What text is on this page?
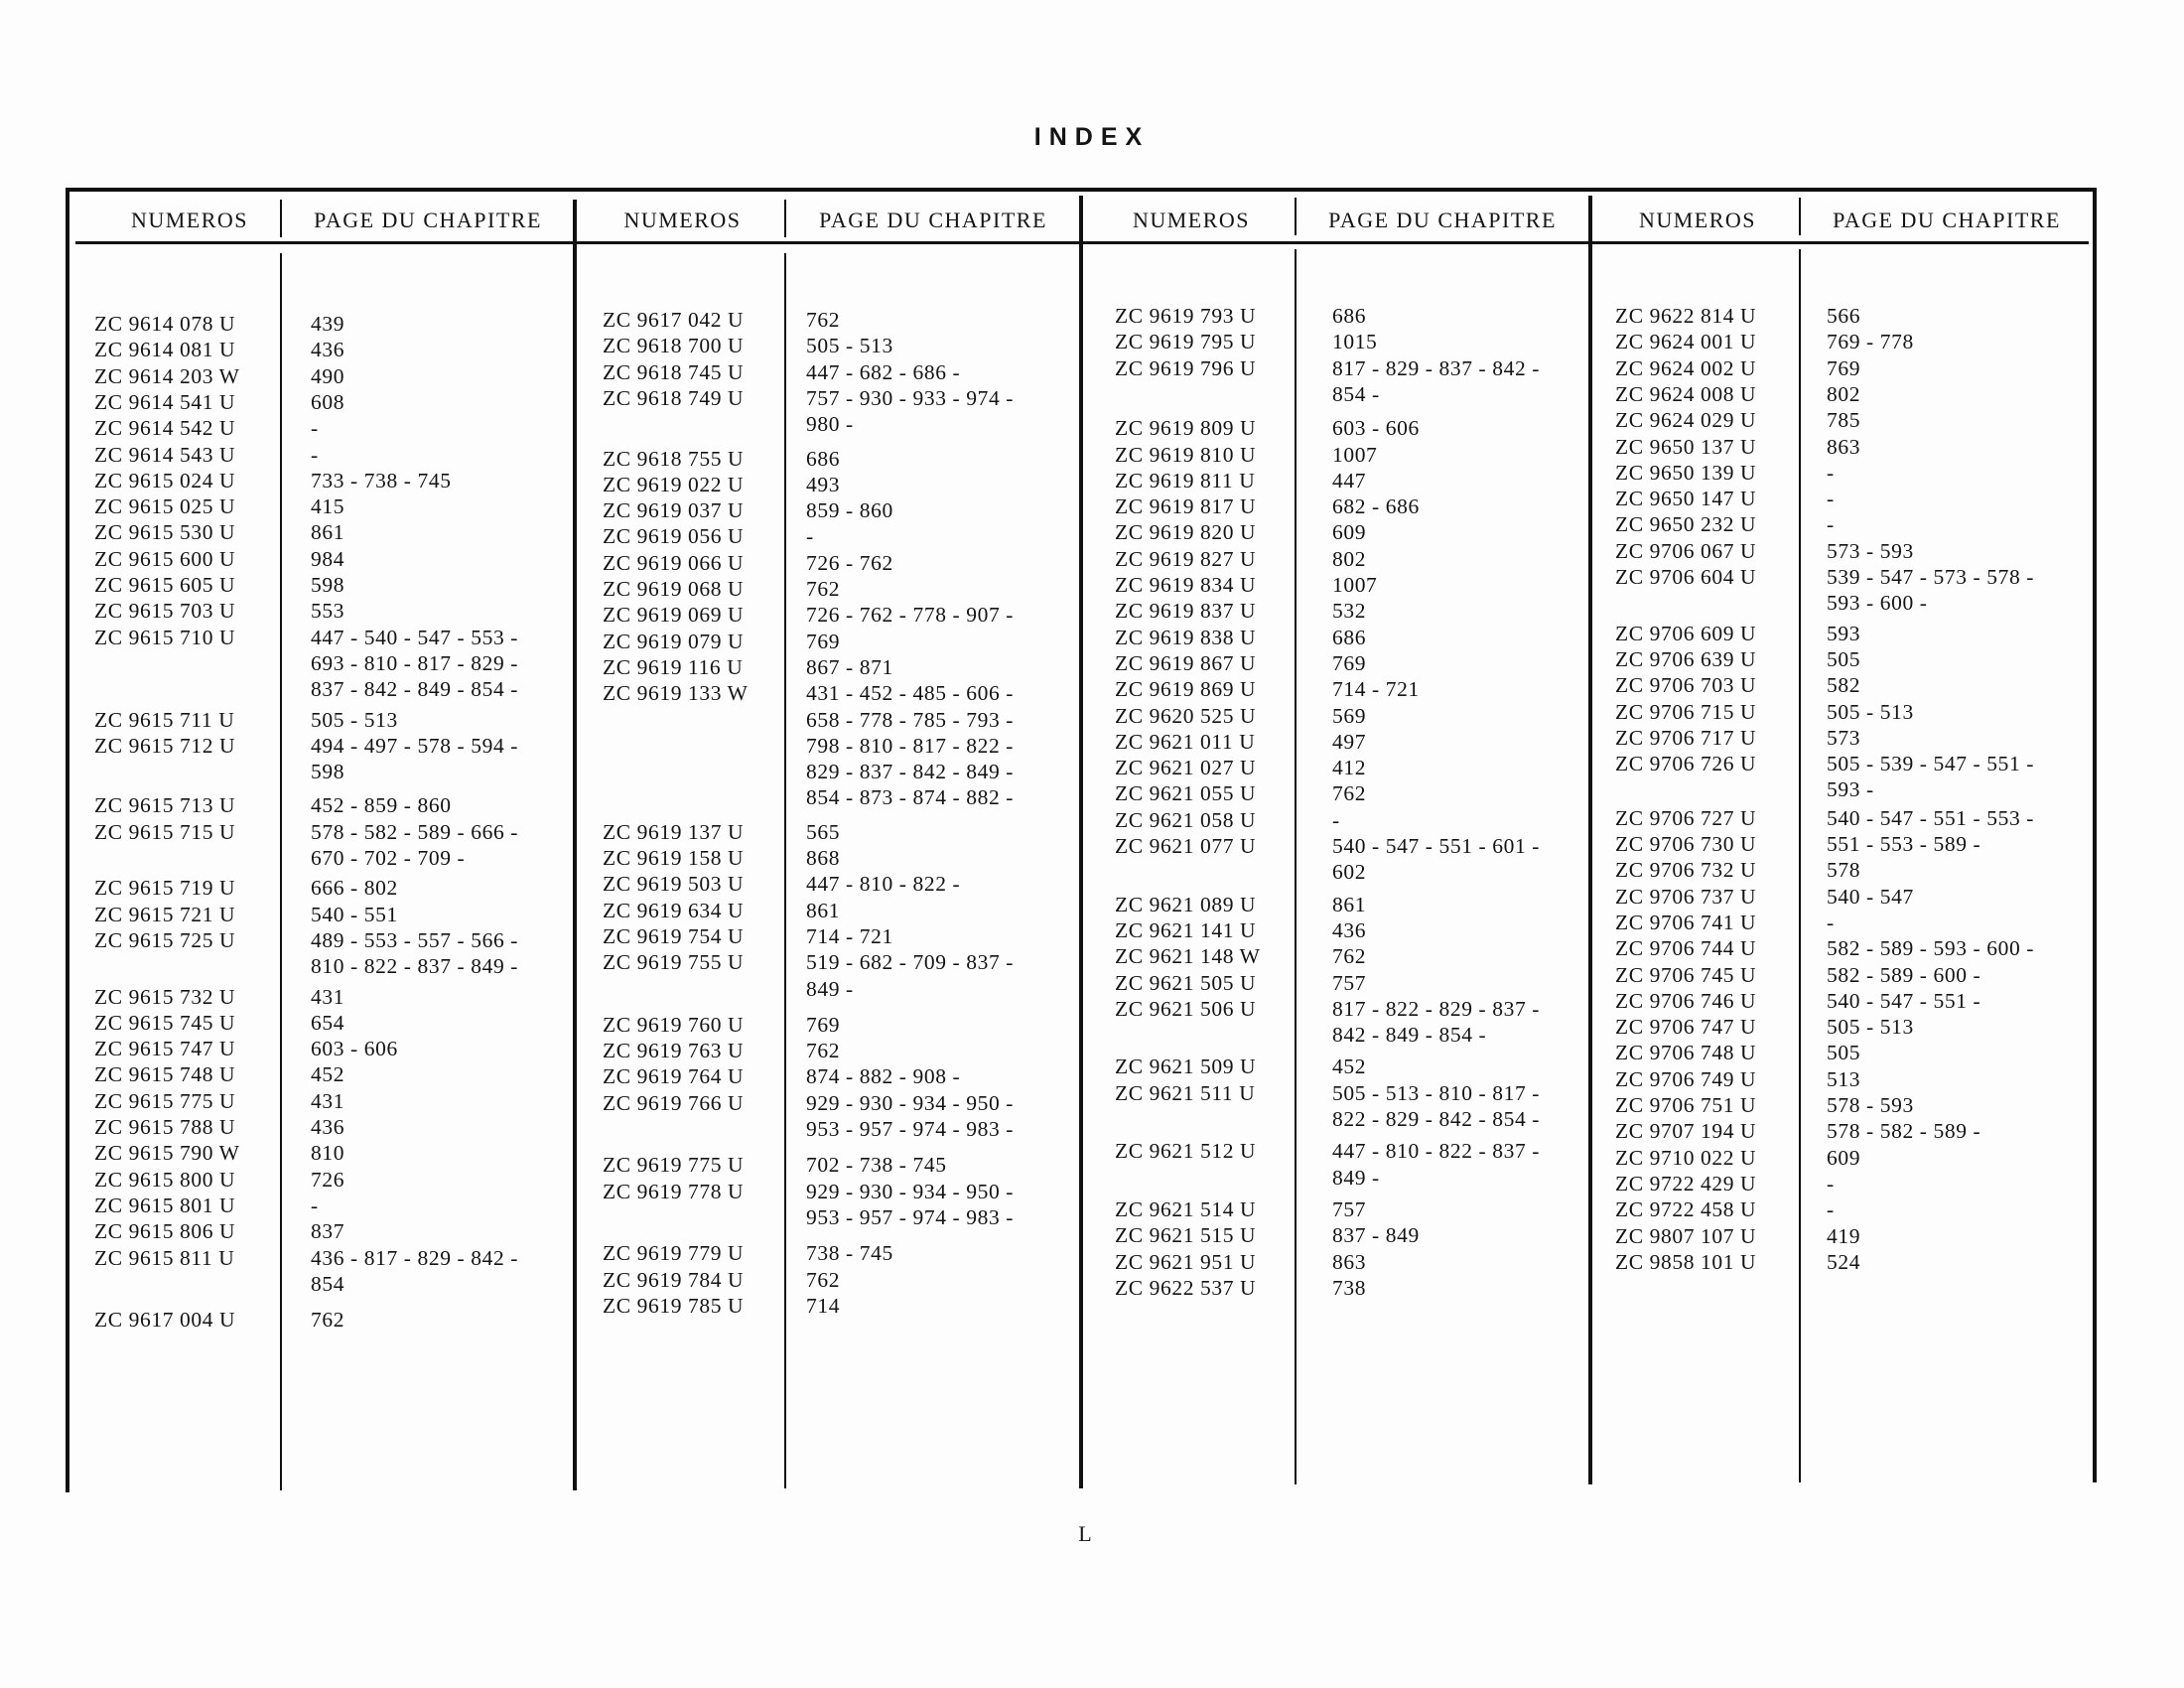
INDEX
NUMEROS	PAGE DU CHAPITRE	NUMEROS	PAGE DU CHAPITRE	NUMEROS	PAGE DU CHAPITRE	NUMEROS	PAGE DU CHAPITRE
ZC 9614 078 U	439
ZC 9614 081 U	436
ZC 9614 203 W	490
ZC 9614 541 U	608
ZC 9614 542 U	-
ZC 9614 543 U	-
ZC 9615 024 U	733 - 738 - 745
ZC 9615 025 U	415
ZC 9615 530 U	861
ZC 9615 600 U	984
ZC 9615 605 U	598
ZC 9615 703 U	553
ZC 9615 710 U	447 - 540 - 547 - 553 -
693 - 810 - 817 - 829 -
837 - 842 - 849 - 854 -
ZC 9615 711 U	505 - 513
ZC 9615 712 U	494 - 497 - 578 - 594 -
598
ZC 9615 713 U	452 - 859 - 860
ZC 9615 715 U	578 - 582 - 589 - 666 -
670 - 702 - 709 -
ZC 9615 719 U	666 - 802
ZC 9615 721 U	540 - 551
ZC 9615 725 U	489 - 553 - 557 - 566 -
810 - 822 - 837 - 849 -
ZC 9615 732 U	431
ZC 9615 745 U	654
ZC 9615 747 U	603 - 606
ZC 9615 748 U	452
ZC 9615 775 U	431
ZC 9615 788 U	436
ZC 9615 790 W	810
ZC 9615 800 U	726
ZC 9615 801 U	-
ZC 9615 806 U	837
ZC 9615 811 U	436 - 817 - 829 - 842 -
854
ZC 9617 004 U	762
ZC 9617 042 U	762
ZC 9618 700 U	505 - 513
ZC 9618 745 U	447 - 682 - 686 -
ZC 9618 749 U	757 - 930 - 933 - 974 -
980 -
ZC 9618 755 U	686
ZC 9619 022 U	493
ZC 9619 037 U	859 - 860
ZC 9619 056 U	-
ZC 9619 066 U	726 - 762
ZC 9619 068 U	762
ZC 9619 069 U	726 - 762 - 778 - 907 -
ZC 9619 079 U	769
ZC 9619 116 U	867 - 871
ZC 9619 133 W	431 - 452 - 485 - 606 -
658 - 778 - 785 - 793 -
798 - 810 - 817 - 822 -
829 - 837 - 842 - 849 -
854 - 873 - 874 - 882 -
ZC 9619 137 U	565
ZC 9619 158 U	868
ZC 9619 503 U	447 - 810 - 822 -
ZC 9619 634 U	861
ZC 9619 754 U	714 - 721
ZC 9619 755 U	519 - 682 - 709 - 837 -
849 -
ZC 9619 760 U	769
ZC 9619 763 U	762
ZC 9619 764 U	874 - 882 - 908 -
ZC 9619 766 U	929 - 930 - 934 - 950 -
953 - 957 - 974 - 983 -
ZC 9619 775 U	702 - 738 - 745
ZC 9619 778 U	929 - 930 - 934 - 950 -
953 - 957 - 974 - 983 -
ZC 9619 779 U	738 - 745
ZC 9619 784 U	762
ZC 9619 785 U	714
ZC 9619 793 U	686
ZC 9619 795 U	1015
ZC 9619 796 U	817 - 829 - 837 - 842 -
854 -
ZC 9619 809 U	603 - 606
ZC 9619 810 U	1007
ZC 9619 811 U	447
ZC 9619 817 U	682 - 686
ZC 9619 820 U	609
ZC 9619 827 U	802
ZC 9619 834 U	1007
ZC 9619 837 U	532
ZC 9619 838 U	686
ZC 9619 867 U	769
ZC 9619 869 U	714 - 721
ZC 9620 525 U	569
ZC 9621 011 U	497
ZC 9621 027 U	412
ZC 9621 055 U	762
ZC 9621 058 U	-
ZC 9621 077 U	540 - 547 - 551 - 601 -
602
ZC 9621 089 U	861
ZC 9621 141 U	436
ZC 9621 148 W	762
ZC 9621 505 U	757
ZC 9621 506 U	817 - 822 - 829 - 837 -
842 - 849 - 854 -
ZC 9621 509 U	452
ZC 9621 511 U	505 - 513 - 810 - 817 -
822 - 829 - 842 - 854 -
ZC 9621 512 U	447 - 810 - 822 - 837 -
849 -
ZC 9621 514 U	757
ZC 9621 515 U	837 - 849
ZC 9621 951 U	863
ZC 9622 537 U	738
ZC 9622 814 U	566
ZC 9624 001 U	769 - 778
ZC 9624 002 U	769
ZC 9624 008 U	802
ZC 9624 029 U	785
ZC 9650 137 U	863
ZC 9650 139 U	-
ZC 9650 147 U	-
ZC 9650 232 U	-
ZC 9706 067 U	573 - 593
ZC 9706 604 U	539 - 547 - 573 - 578 -
593 - 600 -
ZC 9706 609 U	593
ZC 9706 639 U	505
ZC 9706 703 U	582
ZC 9706 715 U	505 - 513
ZC 9706 717 U	573
ZC 9706 726 U	505 - 539 - 547 - 551 -
593 -
ZC 9706 727 U	540 - 547 - 551 - 553 -
ZC 9706 730 U	551 - 553 - 589 -
ZC 9706 732 U	578
ZC 9706 737 U	540 - 547
ZC 9706 741 U	-
ZC 9706 744 U	582 - 589 - 593 - 600 -
ZC 9706 745 U	582 - 589 - 600 -
ZC 9706 746 U	540 - 547 - 551 -
ZC 9706 747 U	505 - 513
ZC 9706 748 U	505
ZC 9706 749 U	513
ZC 9706 751 U	578 - 593
ZC 9707 194 U	578 - 582 - 589 -
ZC 9710 022 U	609
ZC 9722 429 U	-
ZC 9722 458 U	-
ZC 9807 107 U	419
ZC 9858 101 U	524
L
